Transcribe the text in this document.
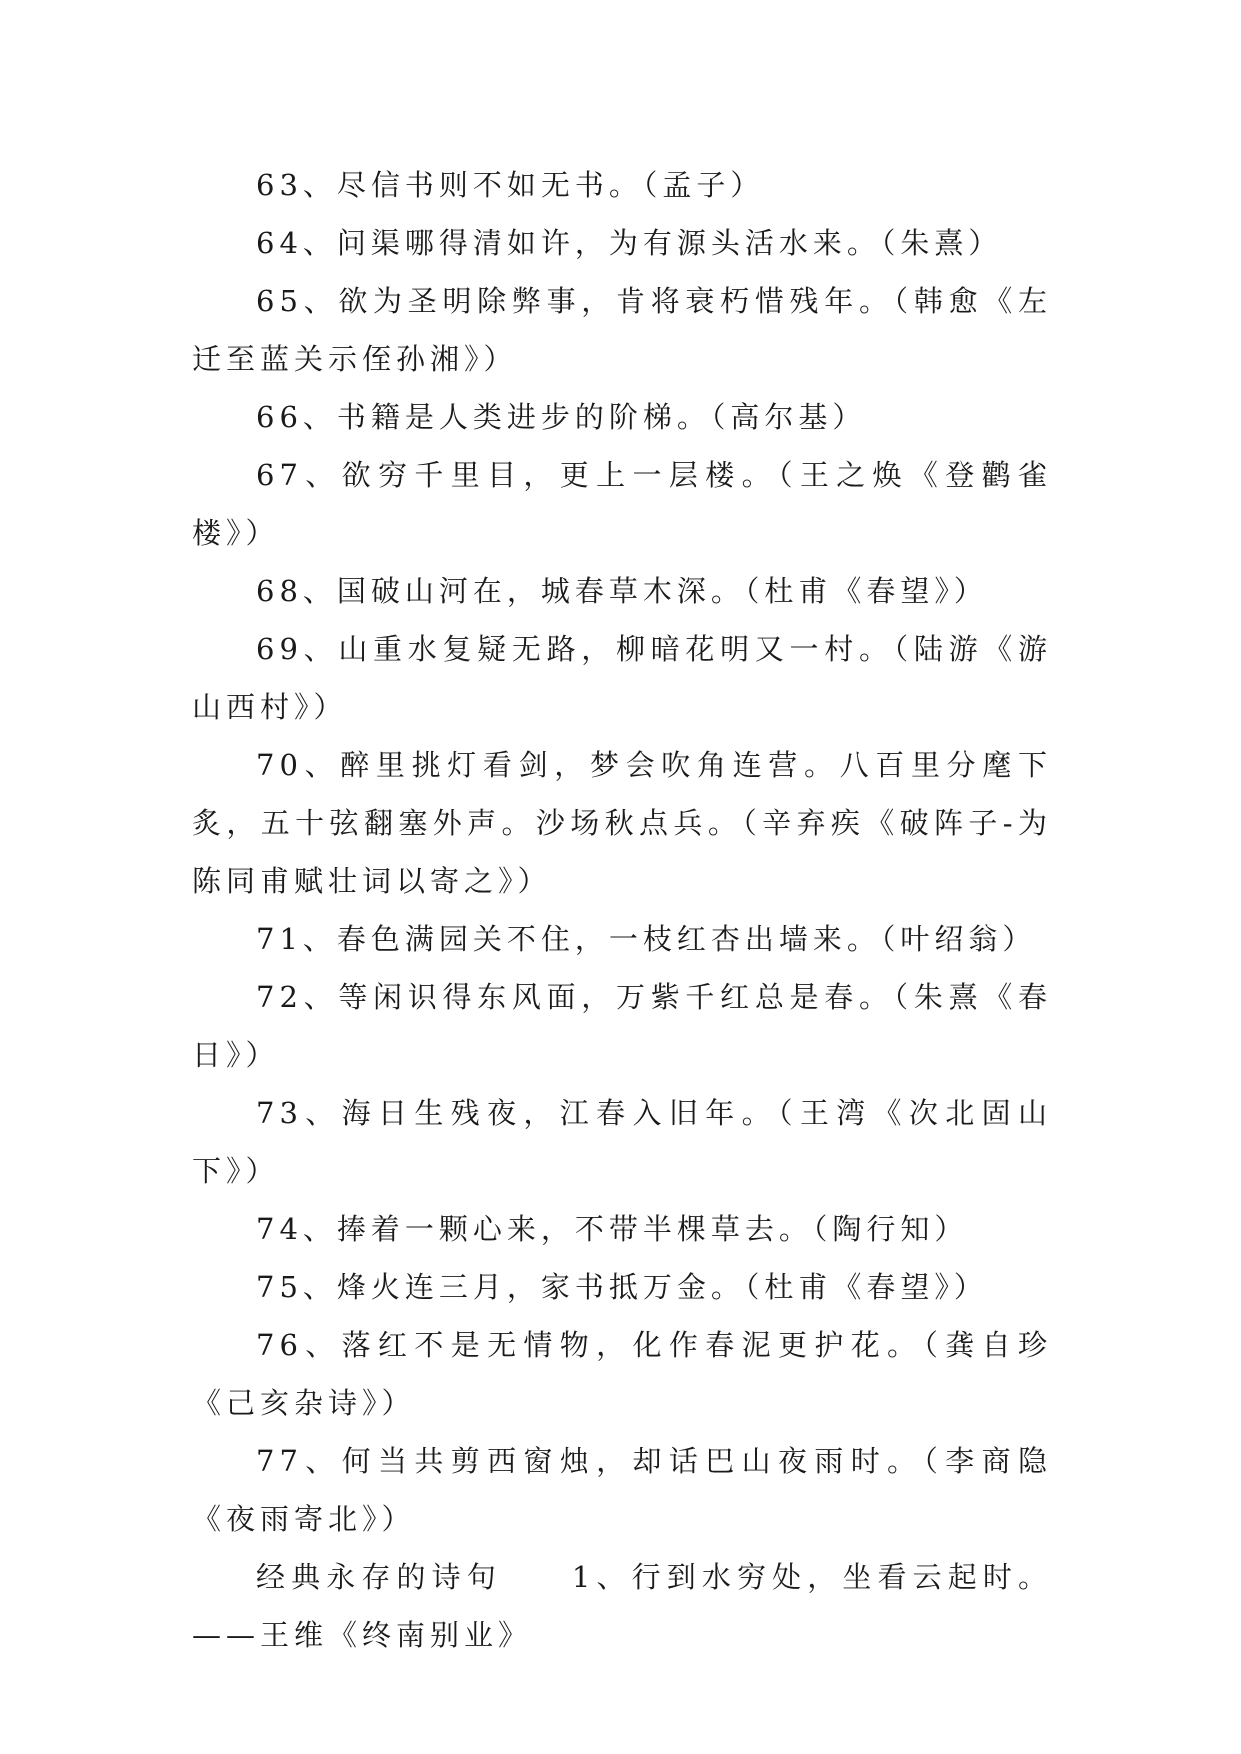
63、尽信书则不如无书。（孟子）

64、问渠哪得清如许，为有源头活水来。（朱熹）

65、欲为圣明除弊事，肯将衰朽惜残年。（韩愈《左迁至蓝关示侄孙湘》）

66、书籍是人类进步的阶梯。（高尔基）

67、欲穷千里目，更上一层楼。（王之焕《登鹳雀楼》）

68、国破山河在，城春草木深。（杜甫《春望》）

69、山重水复疑无路，柳暗花明又一村。（陆游《游山西村》）

70、醉里挑灯看剑，梦会吹角连营。八百里分麾下炙，五十弦翻塞外声。沙场秋点兵。（辛弃疾《破阵子-为陈同甫赋壮词以寄之》）

71、春色满园关不住，一枝红杏出墙来。（叶绍翁）

72、等闲识得东风面，万紫千红总是春。（朱熹《春日》）

73、海日生残夜，江春入旧年。（王湾《次北固山下》）

74、捧着一颗心来，不带半棵草去。（陶行知）

75、烽火连三月，家书抵万金。（杜甫《春望》）

76、落红不是无情物，化作春泥更护花。（龚自珍《己亥杂诗》）

77、何当共剪西窗烛，却话巴山夜雨时。（李商隐《夜雨寄北》）

经典永存的诗句 1、行到水穷处，坐看云起时。——王维《终南别业》
